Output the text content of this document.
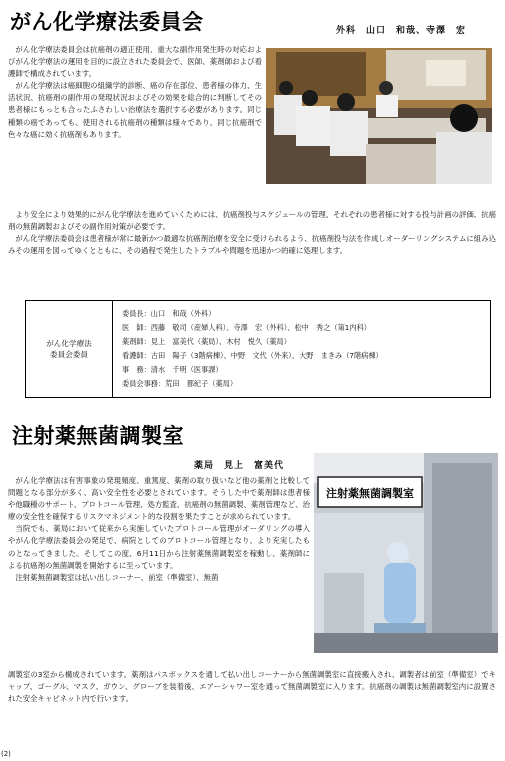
がん化学療法委員会	外科　山口　和哉、寺澤　宏

がん化学療法委員会は抗癌剤の適正使用、重大な副作用発生時の対応およびがん化学療法の運用を目的に設立された委員会で、医師、薬剤師および看護師で構成されています。

がん化学療法は癌細胞の組織学的診断、癌の存在部位、患者様の体力、生活状況、抗癌剤の副作用の発現状況およびその効果を総合的に判断してその患者様にもっとも合ったふさわしい治療法を選択する必要があります。同じ種類の癌であっても、使用される抗癌剤の種類は様々であり、同じ抗癌剤で色々な癌に効く抗癌剤もあります。

より安全により効果的にがん化学療法を進めていくためには、抗癌剤投与スケジュールの管理、それぞれの患者様に対する投与計画の評価、抗癌剤の無菌調製およびその副作用対策が必要です。

がん化学療法委員会は患者様が常に最新かつ最適な抗癌剤治療を安全に受けられるよう、抗癌剤投与法を作成しオーダーリングシステムに組み込みその運用を図ってゆくとともに、その過程で発生したトラブルや問題を迅速かつ的確に処理します。

がん化学療法
委員会委員
委員長：山口　和哉（外科）
医　師：西藤　敬司（産婦人科）、寺澤　宏（外科）、松中　秀之（第1内科）
薬剤師：見上　富美代（薬局）、木村　悦久（薬局）
看護師：古田　陽子（3階病棟）、中野　文代（外来）、大野　まきみ（7階病棟）
事　務：清水　千明（医事課）
委員会事務：荒田　都紀子（薬局）
注射薬無菌調製室
薬局　見上　富美代

がん化学療法は有害事象の発現頻度、重篤度、薬剤の取り扱いなど他の薬剤と比較して問題となる部分が多く、高い安全性を必要とされています。そうした中で薬剤師は患者様や他職種のサポート、プロトコール管理、処方監査、抗癌剤の無菌調製、薬剤管理など、治療の安全性を確保するリスクマネジメント的な役割を果たすことが求められています。

当院でも、薬局において従来から実施していたプロトコール管理がオーダリングの導入やがん化学療法委員会の発足で、病院としてのプロトコール管理となり、より充実したものとなってきました。そしてこの度、6月11日から注射薬無菌調製室を稼動し、薬剤師による抗癌剤の無菌調製を開始するに至っています。

注射薬無菌調製室は払い出しコーナー、前室（準備室）、無菌

注射薬無菌調製室

調製室の3室から構成されています。薬剤はパスボックスを通して払い出しコーナーから無菌調製室に直接搬入され、調製者は前室（準備室）でキャップ、ゴーグル、マスク、ガウン、グローブを装着後、エアーシャワー室を通って無菌調製室に入ります。抗癌剤の調製は無菌調製室内に設置された安全キャビネット内で行います。

(2)
